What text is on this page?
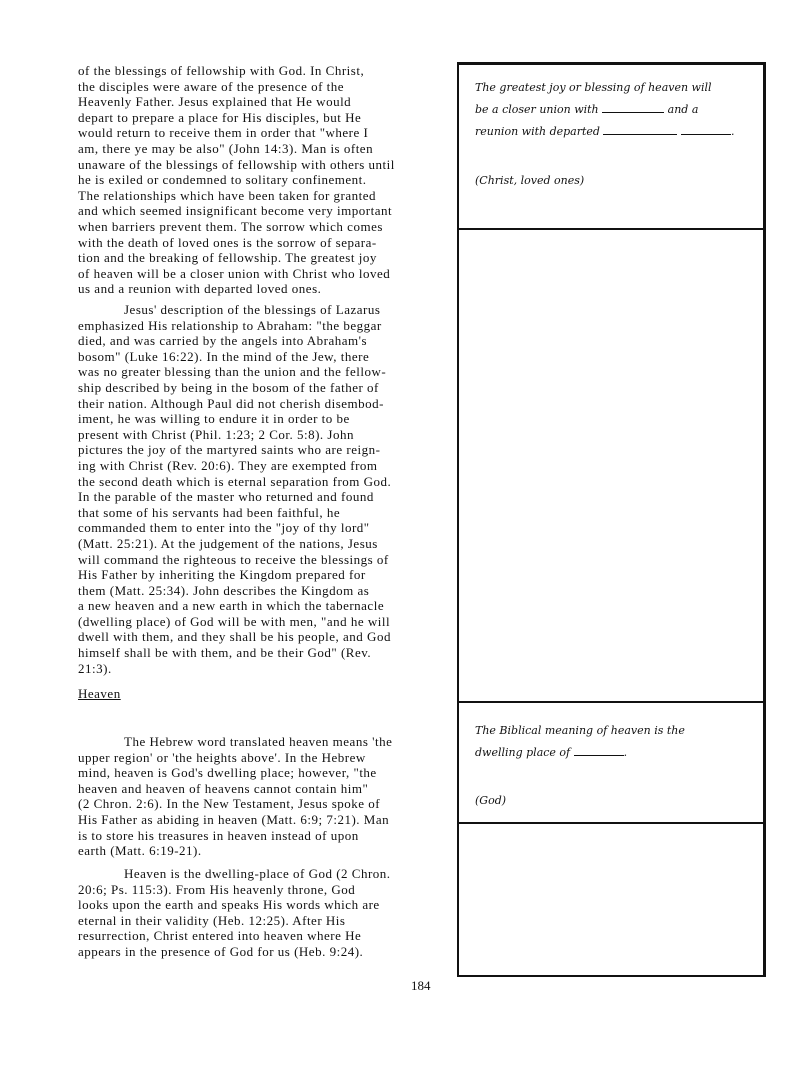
of the blessings of fellowship with God. In Christ,
the disciples were aware of the presence of the
Heavenly Father. Jesus explained that He would
depart to prepare a place for His disciples, but He
would return to receive them in order that "where I
am, there ye may be also" (John 14:3). Man is often
unaware of the blessings of fellowship with others until
he is exiled or condemned to solitary confinement.
The relationships which have been taken for granted
and which seemed insignificant become very important
when barriers prevent them. The sorrow which comes
with the death of loved ones is the sorrow of separa-
tion and the breaking of fellowship. The greatest joy
of heaven will be a closer union with Christ who loved
us and a reunion with departed loved ones.
Jesus' description of the blessings of Lazarus
emphasized His relationship to Abraham: "the beggar
died, and was carried by the angels into Abraham's
bosom" (Luke 16:22). In the mind of the Jew, there
was no greater blessing than the union and the fellow-
ship described by being in the bosom of the father of
their nation. Although Paul did not cherish disembod-
iment, he was willing to endure it in order to be
present with Christ (Phil. 1:23; 2 Cor. 5:8). John
pictures the joy of the martyred saints who are reign-
ing with Christ (Rev. 20:6). They are exempted from
the second death which is eternal separation from God.
In the parable of the master who returned and found
that some of his servants had been faithful, he
commanded them to enter into the "joy of thy lord"
(Matt. 25:21). At the judgement of the nations, Jesus
will command the righteous to receive the blessings of
His Father by inheriting the Kingdom prepared for
them (Matt. 25:34). John describes the Kingdom as
a new heaven and a new earth in which the tabernacle
(dwelling place) of God will be with men, "and he will
dwell with them, and they shall be his people, and God
himself shall be with them, and be their God" (Rev.
21:3).
Heaven
The Hebrew word translated heaven means 'the
upper region' or 'the heights above'. In the Hebrew
mind, heaven is God's dwelling place; however, "the
heaven and heaven of heavens cannot contain him"
(2 Chron. 2:6). In the New Testament, Jesus spoke of
His Father as abiding in heaven (Matt. 6:9; 7:21). Man
is to store his treasures in heaven instead of upon
earth (Matt. 6:19-21).
Heaven is the dwelling-place of God (2 Chron.
20:6; Ps. 115:3). From His heavenly throne, God
looks upon the earth and speaks His words which are
eternal in their validity (Heb. 12:25). After His
resurrection, Christ entered into heaven where He
appears in the presence of God for us (Heb. 9:24).
The greatest joy or blessing of heaven will
be a closer union with	and a
reunion with departed	.
(Christ, loved ones)
The Biblical meaning of heaven is the
dwelling place of	.
(God)
184
